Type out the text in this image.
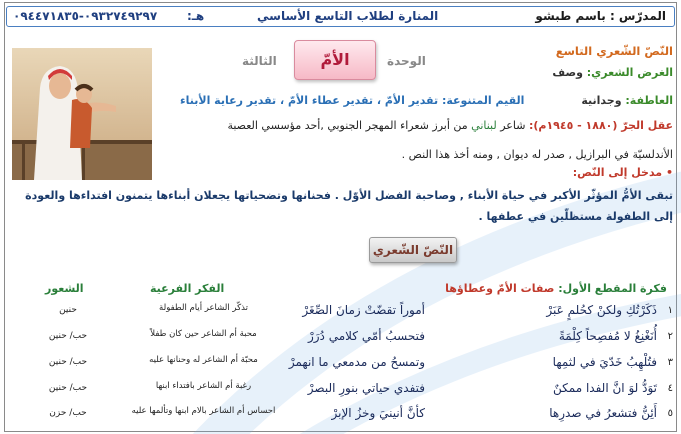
المدرّس : باسم طبشو
المنارة لطلاب التاسع الأساسي
هـ:
٠٩٣٢٧٤٩٢٩٧-٠٩٤٤٧١٨٣٥
الأمّ	الوحدة
الثالثة
النّصّ الشّعري التاسع
الغرض الشعري: وصف
العاطفة: وجدانية
القيم المتنوعة: تقدير الأمّ ، تقدير عطاء الأمّ ، تقدير رعاية الأبناء
عقل الجرّ (١٨٨٠ - ١٩٤٥م): شاعر لبناني من أبرز شعراء المهجر الجنوبي ,أحد مؤسسي العصبة
الأندلسيّة في البرازيل , صدر له ديوان , ومنه أخذ هذا النص .
• مدخل إلى النّص:
تبقى الأمُّ المؤثّر الأكبر في حياة الأبناء , وصاحبة الفضل الأوّل . فحنانها وتضحياتها يجعلان أبناءها يتمنون افتداءها والعودة إلى الطفولة مستظلّين في عطفها .
النّصّ الشّعري
فكرة المقطع الأول: صفات الأمّ وعطاؤها
الفكر الفرعية
الشعور
١
ذَكَرْتُكِ ولكنْ كحُلمٍ عَبَرْ
أموراً تقضّتْ زمانَ الصِّغَرْ
تذكّر الشاعر أيام الطفولة
حنين
٢
أُنَغْنِغُ لا مُفصِحاً كِلْمَةً
فتحسبُ أمّي كلامي دُرَرْ
محبة أم الشاعر حين كان طفلاً
حب/ حنين
٣
فتُلْهِبُ خَدّيَ في لثمِها
وتمسحُ من مدمعي ما انهمرْ
محبّة أم الشاعر له وحنانها عليه
حب/ حنين
٤
تَوَدُّ لوَ انَّ الفدا ممكنٌ
فتفدي حياتي بنورِ البصرْ
رغبة أم الشاعر بافتداء ابنها
حب/ حنين
٥
أَئِنُّ فتشعرُ في صدرِها
كأنَّ أنينيَ وخزُ الإبرْ
احساس أم الشاعر بالام ابنها وتألمها عليه
حب/ حزن
